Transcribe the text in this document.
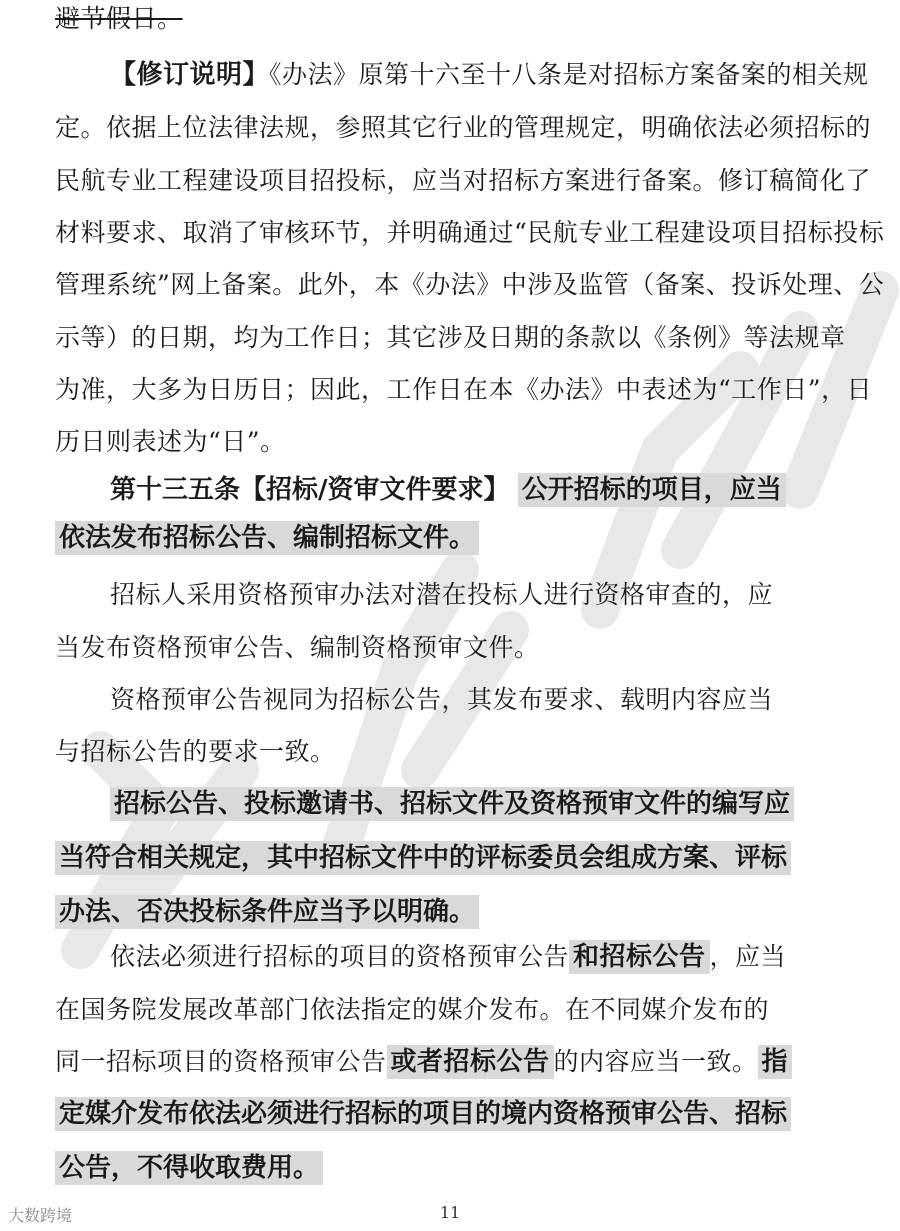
避节假日。
【修订说明】《办法》原第十六至十八条是对招标方案备案的相关规
定。依据上位法律法规，参照其它行业的管理规定，明确依法必须招标的
民航专业工程建设项目招投标，应当对招标方案进行备案。修订稿简化了
材料要求、取消了审核环节，并明确通过“民航专业工程建设项目招标投标
管理系统”网上备案。此外，本《办法》中涉及监管（备案、投诉处理、公
示等）的日期，均为工作日；其它涉及日期的条款以《条例》等法规章
为准，大多为日历日；因此，工作日在本《办法》中表述为“工作日”，日
历日则表述为“日”。
第十三五条【招标/资审文件要求】 公开招标的项目，应当
依法发布招标公告、编制招标文件。
招标人采用资格预审办法对潜在投标人进行资格审查的，应
当发布资格预审公告、编制资格预审文件。
资格预审公告视同为招标公告，其发布要求、载明内容应当
与招标公告的要求一致。
招标公告、投标邀请书、招标文件及资格预审文件的编写应
当符合相关规定，其中招标文件中的评标委员会组成方案、评标
办法、否决投标条件应当予以明确。
依法必须进行招标的项目的资格预审公告 和招标公告 ，应当
在国务院发展改革部门依法指定的媒介发布。在不同媒介发布的
同一招标项目的资格预审公告 或者招标公告 的内容应当一致。 指
定媒介发布依法必须进行招标的项目的境内资格预审公告、招标
公告，不得收取费用。
大数跨境	11
